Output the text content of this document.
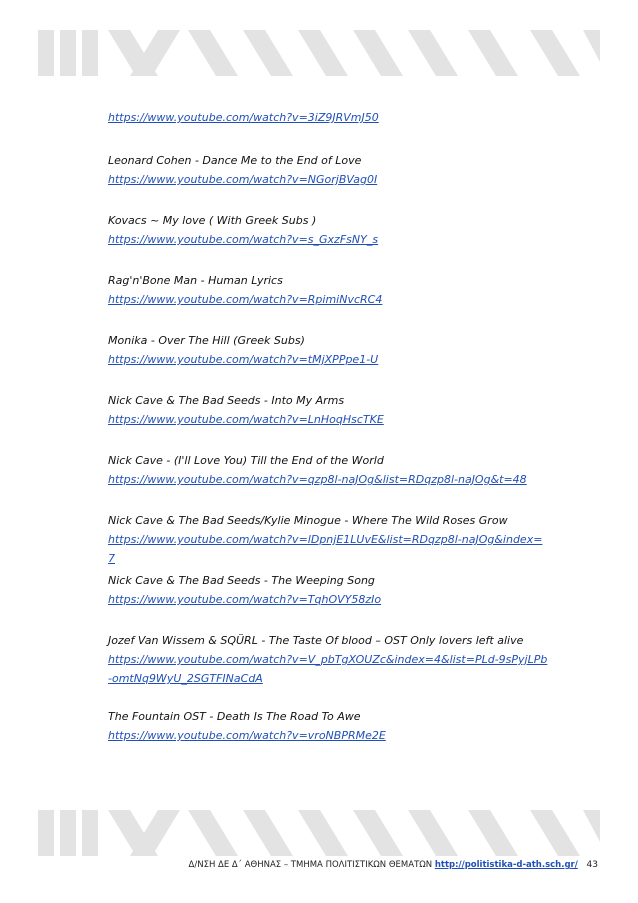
https://www.youtube.com/watch?v=3iZ9JRVmJ50

Leonard Cohen - Dance Me to the End of Love

https://www.youtube.com/watch?v=NGorjBVag0I

Kovacs ~ My love ( With Greek Subs )

https://www.youtube.com/watch?v=s_GxzFsNY_s

Rag'n'Bone Man - Human Lyrics

https://www.youtube.com/watch?v=RpimiNvcRC4

Monika - Over The Hill (Greek Subs)

https://www.youtube.com/watch?v=tMjXPPpe1-U

Nick Cave & The Bad Seeds - Into My Arms

https://www.youtube.com/watch?v=LnHoqHscTKE

Nick Cave - (I'll Love You) Till the End of the World

https://www.youtube.com/watch?v=qzp8l-naJOg&list=RDqzp8l-naJOg&t=48

Nick Cave & The Bad Seeds/Kylie Minogue - Where The Wild Roses Grow

https://www.youtube.com/watch?v=lDpnjE1LUvE&list=RDqzp8l-naJOg&index=7

Nick Cave & The Bad Seeds - The Weeping Song

https://www.youtube.com/watch?v=TqhOVY58zIo

Jozef Van Wissem & SQÜRL - The Taste Of blood – OST Only lovers left alive

https://www.youtube.com/watch?v=V_pbTgXOUZc&index=4&list=PLd-9sPyjLPb-omtNq9WyU_2SGTFINaCdA

The Fountain OST - Death Is The Road To Awe

https://www.youtube.com/watch?v=vroNBPRMe2E

Δ/ΝΣΗ ΔΕ Δ΄ ΑΘΗΝΑΣ – ΤΜΗΜΑ ΠΟΛΙΤΙΣΤΙΚΩΝ ΘΕΜΑΤΩΝ http://politistika-d-ath.sch.gr/ 43
